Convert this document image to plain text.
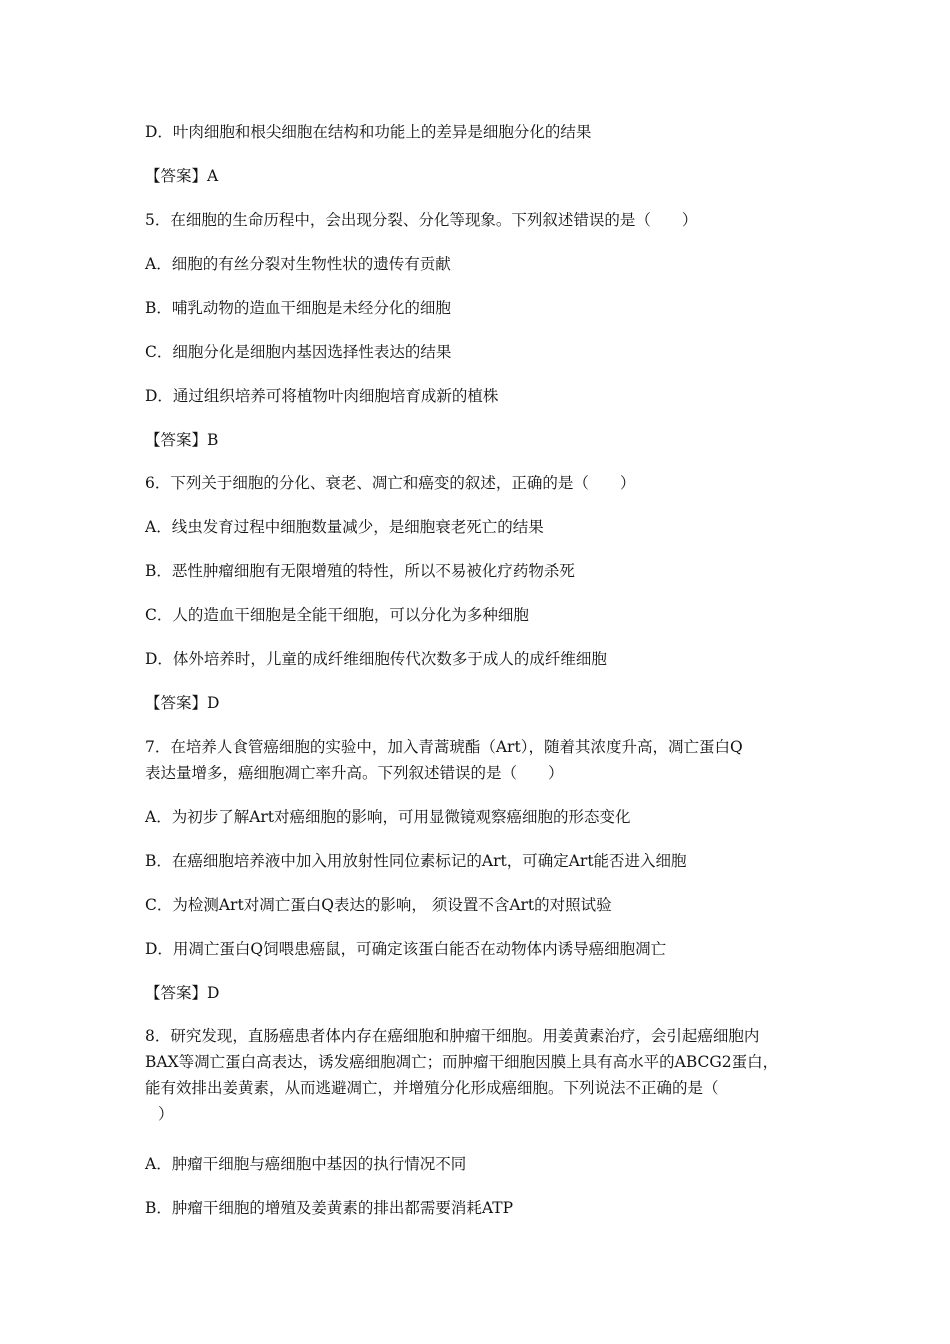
D．叶肉细胞和根尖细胞在结构和功能上的差异是细胞分化的结果
【答案】A
5．在细胞的生命历程中，会出现分裂、分化等现象。下列叙述错误的是（　　）
A．细胞的有丝分裂对生物性状的遗传有贡献
B．哺乳动物的造血干细胞是未经分化的细胞
C．细胞分化是细胞内基因选择性表达的结果
D．通过组织培养可将植物叶肉细胞培育成新的植株
【答案】B
6．下列关于细胞的分化、衰老、凋亡和癌变的叙述，正确的是（　　）
A．线虫发育过程中细胞数量减少，是细胞衰老死亡的结果
B．恶性肿瘤细胞有无限增殖的特性，所以不易被化疗药物杀死
C．人的造血干细胞是全能干细胞，可以分化为多种细胞
D．体外培养时，儿童的成纤维细胞传代次数多于成人的成纤维细胞
【答案】D
7．在培养人食管癌细胞的实验中，加入青蒿琥酯（Art），随着其浓度升高，凋亡蛋白Q
表达量增多，癌细胞凋亡率升高。下列叙述错误的是（　　）
A．为初步了解Art对癌细胞的影响，可用显微镜观察癌细胞的形态变化
B．在癌细胞培养液中加入用放射性同位素标记的Art，可确定Art能否进入细胞
C．为检测Art对凋亡蛋白Q表达的影响， 须设置不含Art的对照试验
D．用凋亡蛋白Q饲喂患癌鼠，可确定该蛋白能否在动物体内诱导癌细胞凋亡
【答案】D
8．研究发现，直肠癌患者体内存在癌细胞和肿瘤干细胞。用姜黄素治疗，会引起癌细胞内
BAX等凋亡蛋白高表达，诱发癌细胞凋亡；而肿瘤干细胞因膜上具有高水平的ABCG2蛋白，
能有效排出姜黄素，从而逃避凋亡，并增殖分化形成癌细胞。下列说法不正确的是（
）
A．肿瘤干细胞与癌细胞中基因的执行情况不同
B．肿瘤干细胞的增殖及姜黄素的排出都需要消耗ATP
